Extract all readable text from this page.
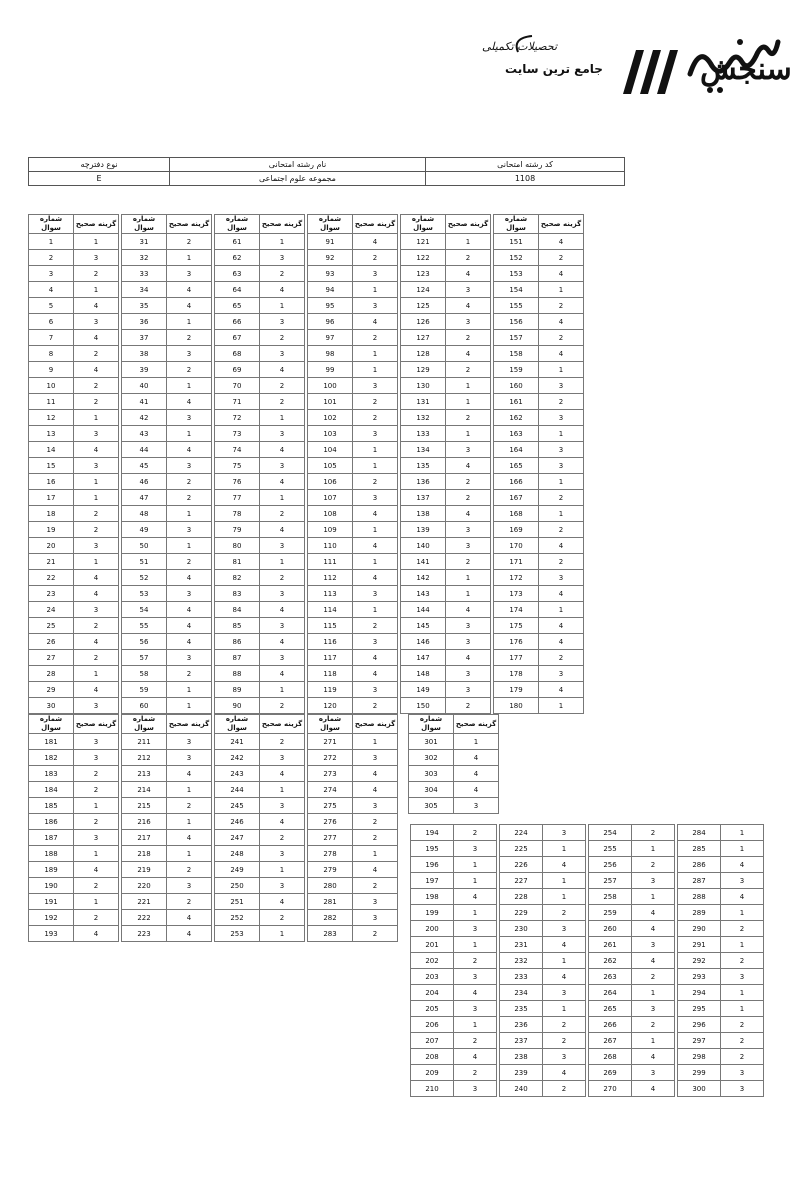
تحصیلات تکمیلی
جامع ترین سایت	سنجش
نوع دفترچه	نام رشته امتحانی	کد رشته امتحانی
E	مجموعه علوم اجتماعی	1108
شماره سوال	گزینه صحیح		شماره سوال	گزینه صحیح		شماره سوال	گزینه صحیح		شماره سوال	گزینه صحیح		شماره سوال	گزینه صحیح		شماره سوال	گزینه صحیح
1	1		31	2		61	1		91	4		121	1		151	4
2	3		32	1		62	3		92	2		122	2		152	2
3	2		33	3		63	2		93	3		123	4		153	4
4	1		34	4		64	4		94	1		124	3		154	1
5	4		35	4		65	1		95	3		125	4		155	2
6	3		36	1		66	3		96	4		126	3		156	4
7	4		37	2		67	2		97	2		127	2		157	2
8	2		38	3		68	3		98	1		128	4		158	4
9	4		39	2		69	4		99	1		129	2		159	1
10	2		40	1		70	2		100	3		130	1		160	3
11	2		41	4		71	2		101	2		131	1		161	2
12	1		42	3		72	1		102	2		132	2		162	3
13	3		43	1		73	3		103	3		133	1		163	1
14	4		44	4		74	4		104	1		134	3		164	3
15	3		45	3		75	3		105	1		135	4		165	3
16	1		46	2		76	4		106	2		136	2		166	1
17	1		47	2		77	1		107	3		137	2		167	2
18	2		48	1		78	2		108	4		138	4		168	1
19	2		49	3		79	4		109	1		139	3		169	2
20	3		50	1		80	3		110	4		140	3		170	4
21	1		51	2		81	1		111	1		141	2		171	2
22	4		52	4		82	2		112	4		142	1		172	3
23	4		53	3		83	3		113	3		143	1		173	4
24	3		54	4		84	4		114	1		144	4		174	1
25	2		55	4		85	3		115	2		145	3		175	4
26	4		56	4		86	4		116	3		146	3		176	4
27	2		57	3		87	3		117	4		147	4		177	2
28	1		58	2		88	4		118	4		148	3		178	3
29	4		59	1		89	1		119	3		149	3		179	4
30	3		60	1		90	2		120	2		150	2		180	1
شماره سوال	گزینه صحیح		شماره سوال	گزینه صحیح		شماره سوال	گزینه صحیح		شماره سوال	گزینه صحیح
181	3		211	3		241	2		271	1
182	3		212	3		242	3		272	3
183	2		213	4		243	4		273	4
184	2		214	1		244	1		274	4
185	1		215	2		245	3		275	3
186	2		216	1		246	4		276	2
187	3		217	4		247	2		277	2
188	1		218	1		248	3		278	1
189	4		219	2		249	1		279	4
190	2		220	3		250	3		280	2
191	1		221	2		251	4		281	3
192	2		222	4		252	2		282	3
193	4		223	4		253	1		283	2
شماره سوال	گزینه صحیح
301	1
302	4
303	4
304	4
305	3
194	2		224	3		254	2		284	1
195	3		225	1		255	1		285	1
196	1		226	4		256	2		286	4
197	1		227	1		257	3		287	3
198	4		228	1		258	1		288	4
199	1		229	2		259	4		289	1
200	3		230	3		260	4		290	2
201	1		231	4		261	3		291	1
202	2		232	1		262	4		292	2
203	3		233	4		263	2		293	3
204	4		234	3		264	1		294	1
205	3		235	1		265	3		295	1
206	1		236	2		266	2		296	2
207	2		237	2		267	1		297	2
208	4		238	3		268	4		298	2
209	2		239	4		269	3		299	3
210	3		240	2		270	4		300	3
